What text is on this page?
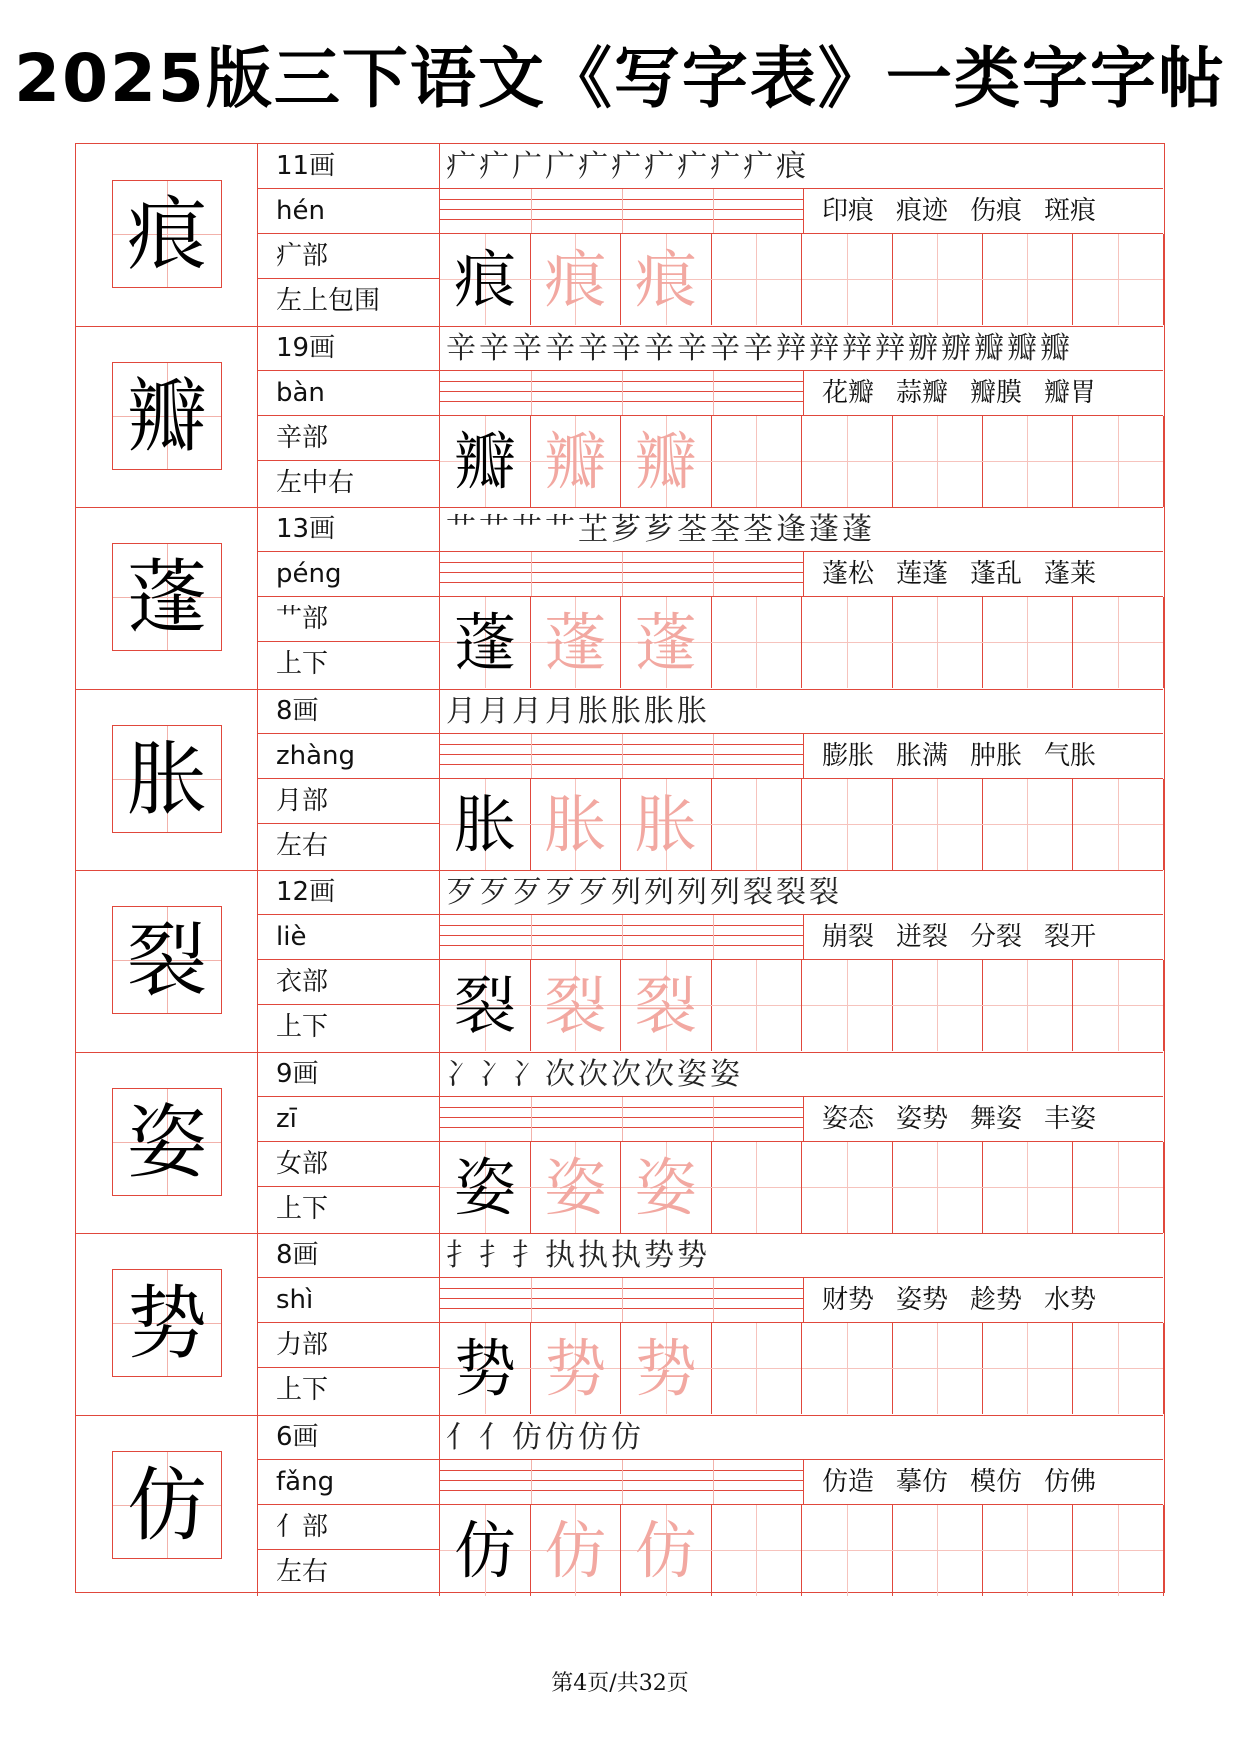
2025版三下语文《写字表》一类字字帖
痕
11画
hén
疒部
左上包围
疒疒广广疒疒疒疒疒疒痕
印痕 痕迹 伤痕 斑痕
痕 痕 痕
瓣
19画
bàn
辛部
左中右
辛辛辛辛辛辛辛辛辛辛辡辡辡辡辧辧瓣瓣瓣
花瓣 蒜瓣 瓣膜 瓣胃
瓣 瓣 瓣
蓬
13画
péng
艹部
上下
艹艹艹艹芏芗芗荃荃荃逢蓬蓬
蓬松 莲蓬 蓬乱 蓬莱
蓬 蓬 蓬
胀
8画
zhàng
月部
左右
月月月月胀胀胀胀
膨胀 胀满 肿胀 气胀
胀 胀 胀
裂
12画
liè
衣部
上下
歹歹歹歹歹列列列列裂裂裂
崩裂 迸裂 分裂 裂开
裂 裂 裂
姿
9画
zī
女部
上下
冫冫冫次次次次姿姿
姿态 姿势 舞姿 丰姿
姿 姿 姿
势
8画
shì
力部
上下
扌扌扌执执执势势
财势 姿势 趁势 水势
势 势 势
仿
6画
fǎng
亻部
左右
亻亻仿仿仿仿
仿造 摹仿 模仿 仿佛
仿 仿 仿
第4页/共32页
